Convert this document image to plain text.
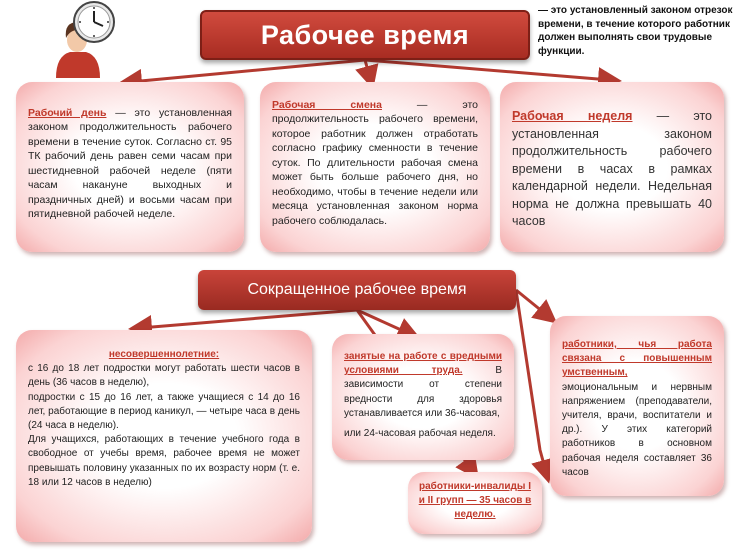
Рабочее время
— это установленный законом отрезок времени, в течение которого работник должен выполнять свои трудовые функции.
Рабочий день — это установленная законом продолжительность рабочего времени в течение суток. Согласно ст. 95 ТК рабочий день равен семи часам при шестидневной рабочей неделе (пяти часам накануне выходных и праздничных дней) и восьми часам при пятидневной рабочей неделе.
Рабочая смена — это продолжительность рабочего времени, которое работник должен отработать согласно графику сменности в течение суток. По длительности рабочая смена может быть больше рабочего дня, но необходимо, чтобы в течение недели или месяца установленная законом норма рабочего соблюдалась.
Рабочая неделя — это установленная законом продолжительность рабочего времени в часах в рамках календарной недели. Недельная норма не должна превышать 40 часов
Сокращенное рабочее время
несовершеннолетние:
с 16 до 18 лет подростки могут работать шести часов в день (36 часов в неделю),
подростки с 15 до 16 лет, а также учащиеся с 14 до 16 лет, работающие в период каникул, — четыре часа в день (24 часа в неделю).
Для учащихся, работающих в течение учебного года в свободное от учебы время, рабочее время не может превышать половину указанных по их возрасту норм (т. е. 18 или 12 часов в неделю)
занятые на работе с вредными условиями труда. В зависимости от степени вредности для здоровья устанавливается или 36-часовая,
или 24-часовая рабочая неделя.
работники-инвалиды I и II групп — 35 часов в неделю.
работники, чья работа связана с повышенным умственным,
эмоциональным и нервным напряжением (преподаватели, учителя, врачи, воспитатели и др.). У этих категорий работников в основном рабочая неделя составляет 36 часов
